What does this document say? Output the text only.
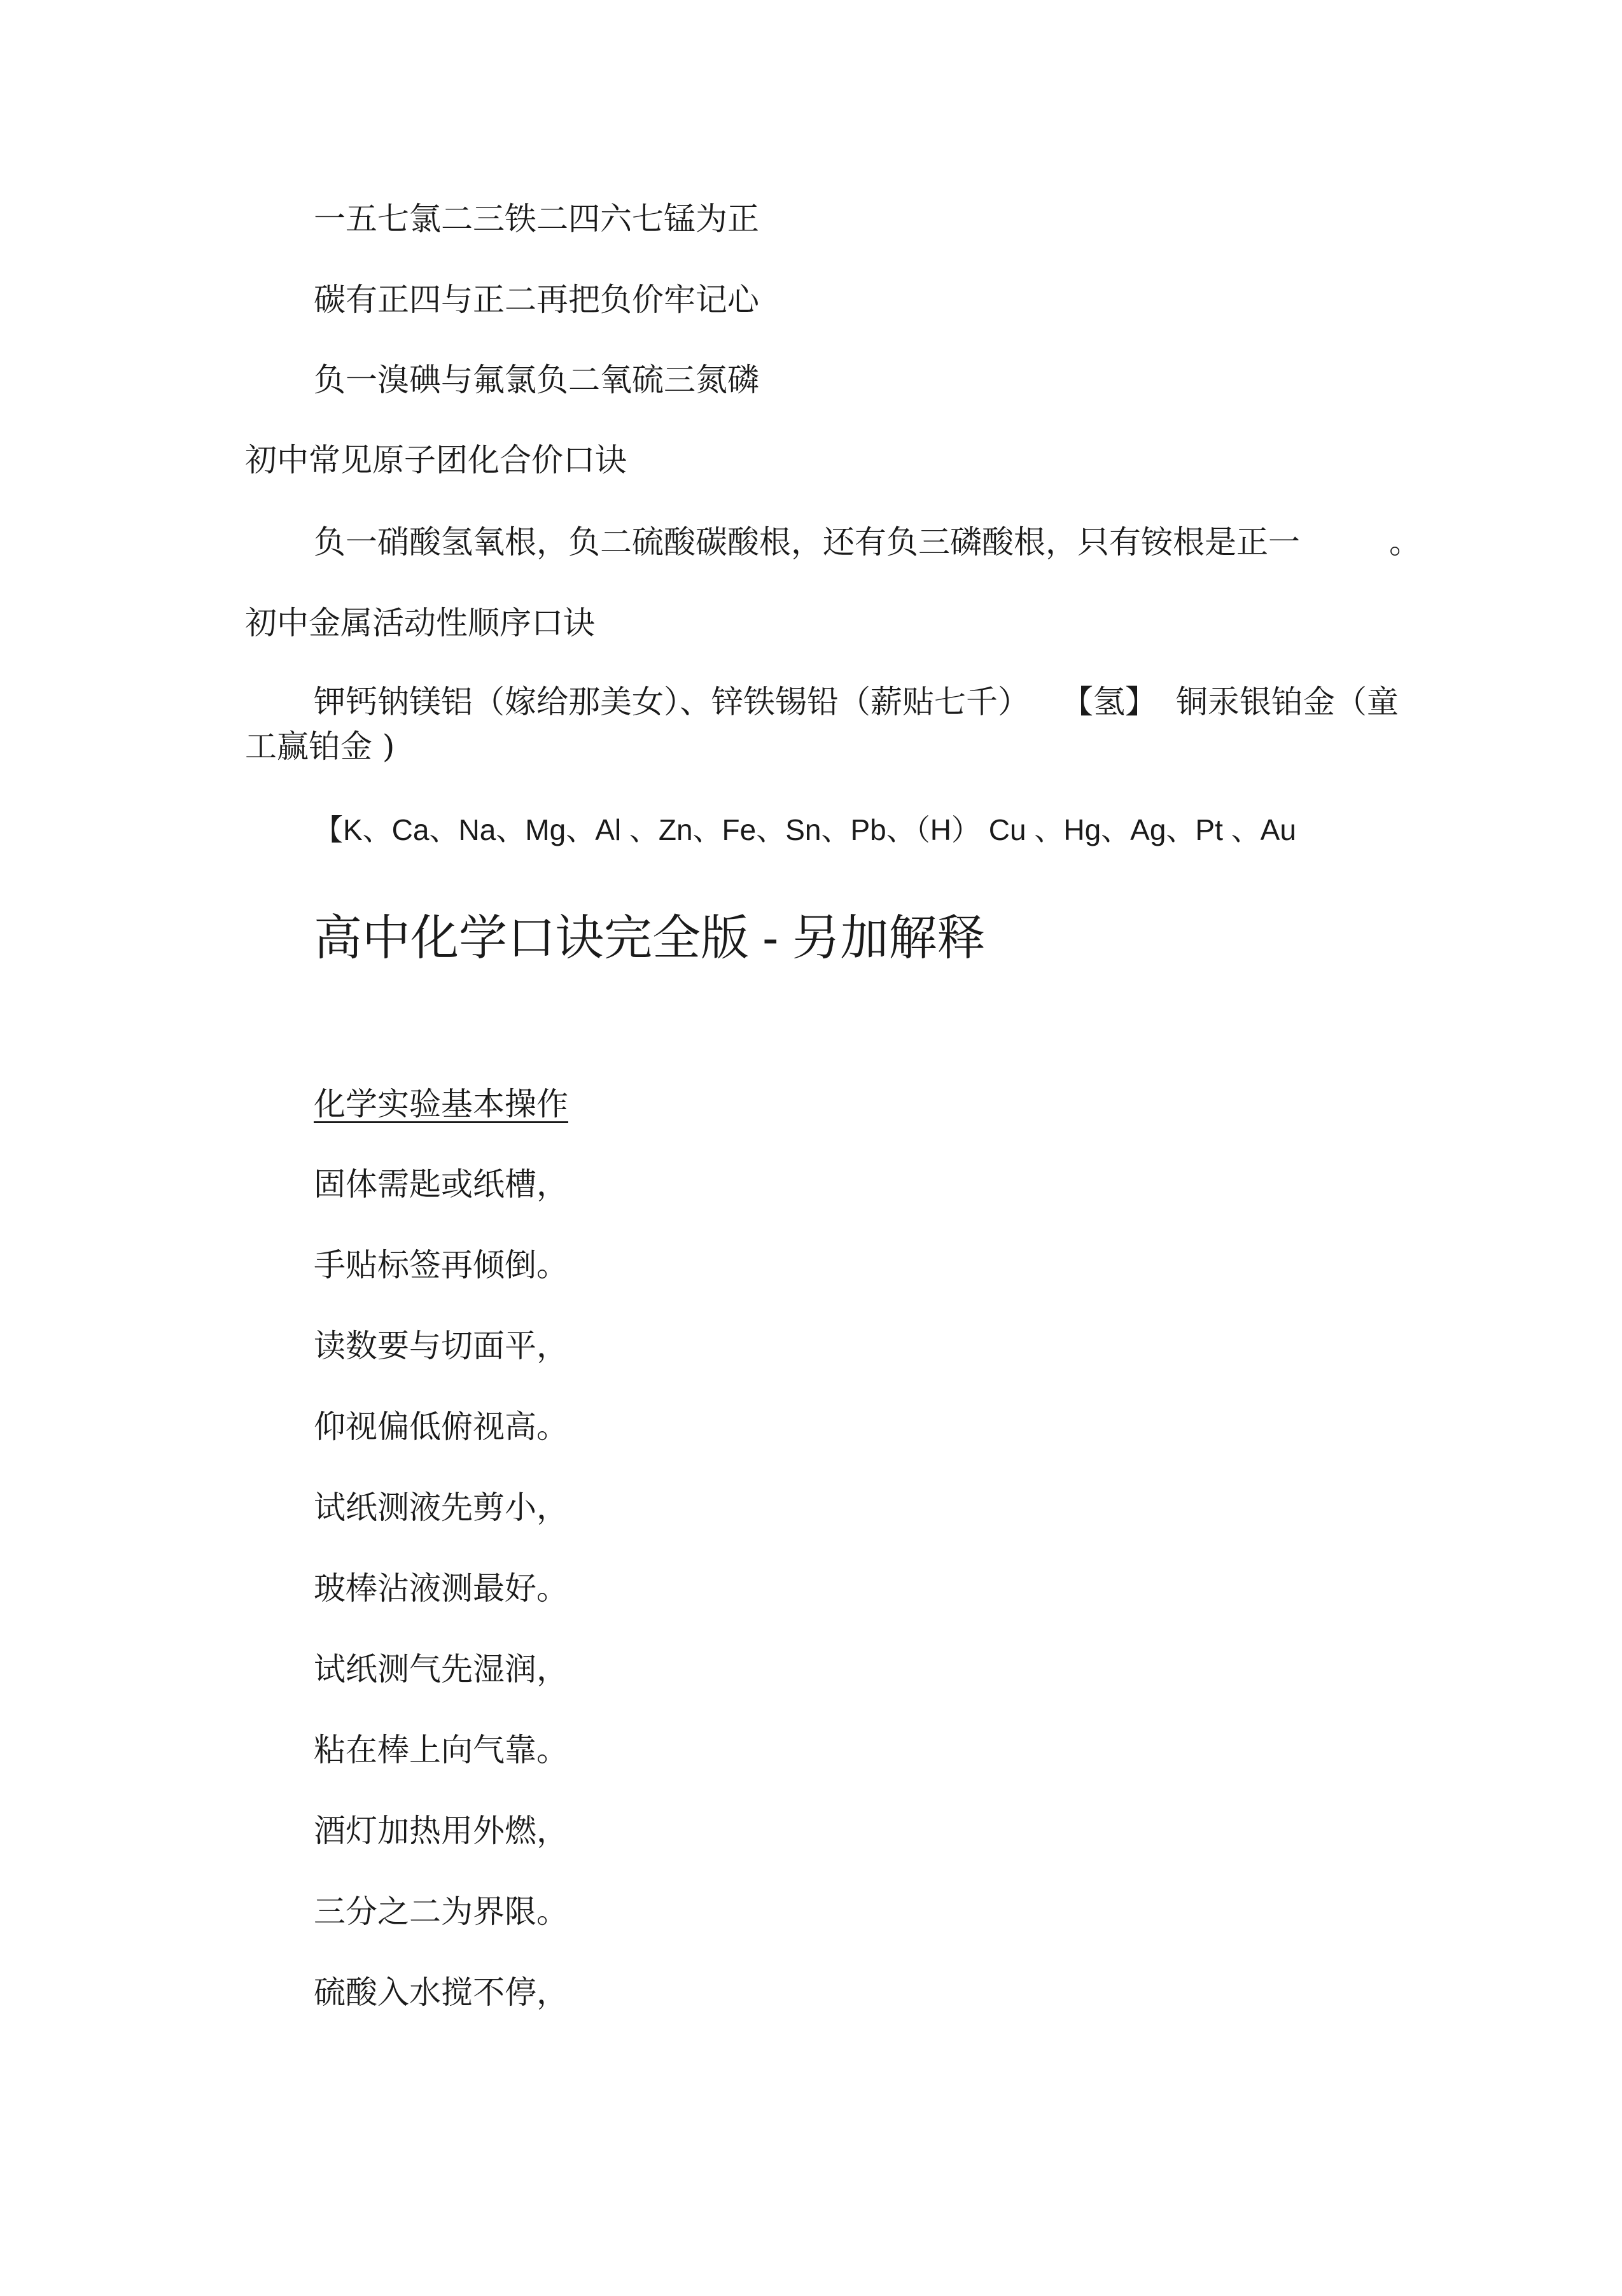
一五七氯二三铁二四六七锰为正

碳有正四与正二再把负价牢记心

负一溴碘与氟氯负二氧硫三氮磷

初中常见原子团化合价口诀

负一硝酸氢氧根，负二硫酸碳酸根，还有负三磷酸根，只有铵根是正一	。

初中金属活动性顺序口诀

钾钙钠镁铝（嫁给那美女）、锌铁锡铅（薪贴七千） 【氢】 铜汞银铂金（童

工赢铂金 )

【K、Ca、Na、Mg、Al 、Zn、Fe、Sn、Pb、（H） Cu 、Hg、Ag、Pt 、Au

高中化学口诀完全版 - 另加解释

化学实验基本操作

固体需匙或纸槽，

手贴标签再倾倒。

读数要与切面平，

仰视偏低俯视高。

试纸测液先剪小，

玻棒沾液测最好。

试纸测气先湿润，

粘在棒上向气靠。

酒灯加热用外燃，

三分之二为界限。

硫酸入水搅不停，
